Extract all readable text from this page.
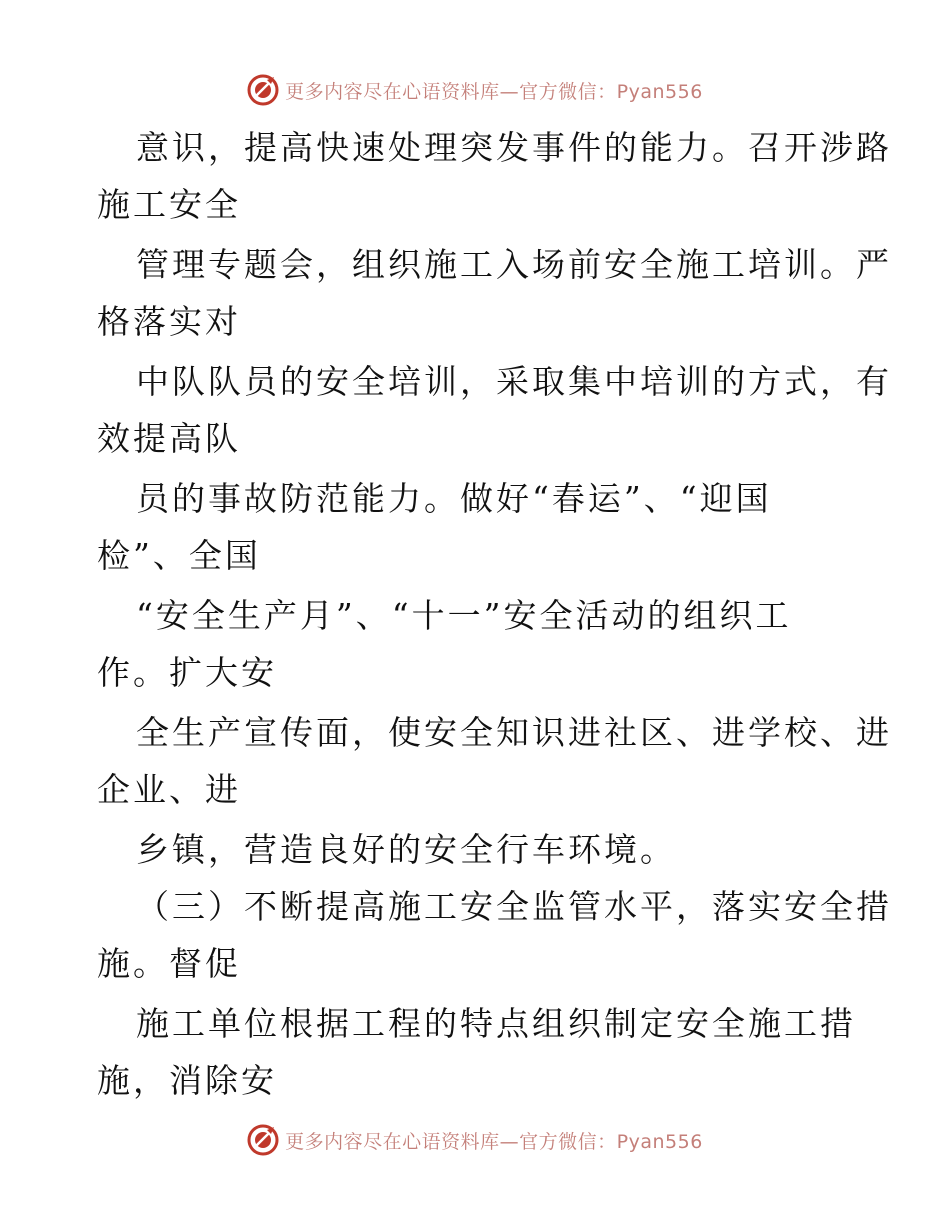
更多内容尽在心语资料库—官方微信：Pyan556
意识，提高快速处理突发事件的能力。召开涉路
施工安全
管理专题会，组织施工入场前安全施工培训。严
格落实对
中队队员的安全培训，采取集中培训的方式，有
效提高队
员的事故防范能力。做好“春运”、“迎国
检”、全国
“安全生产月”、“十一”安全活动的组织工
作。扩大安
全生产宣传面，使安全知识进社区、进学校、进
企业、进
乡镇，营造良好的安全行车环境。
（三）不断提高施工安全监管水平，落实安全措
施。督促
施工单位根据工程的特点组织制定安全施工措
施，消除安
更多内容尽在心语资料库—官方微信：Pyan556
